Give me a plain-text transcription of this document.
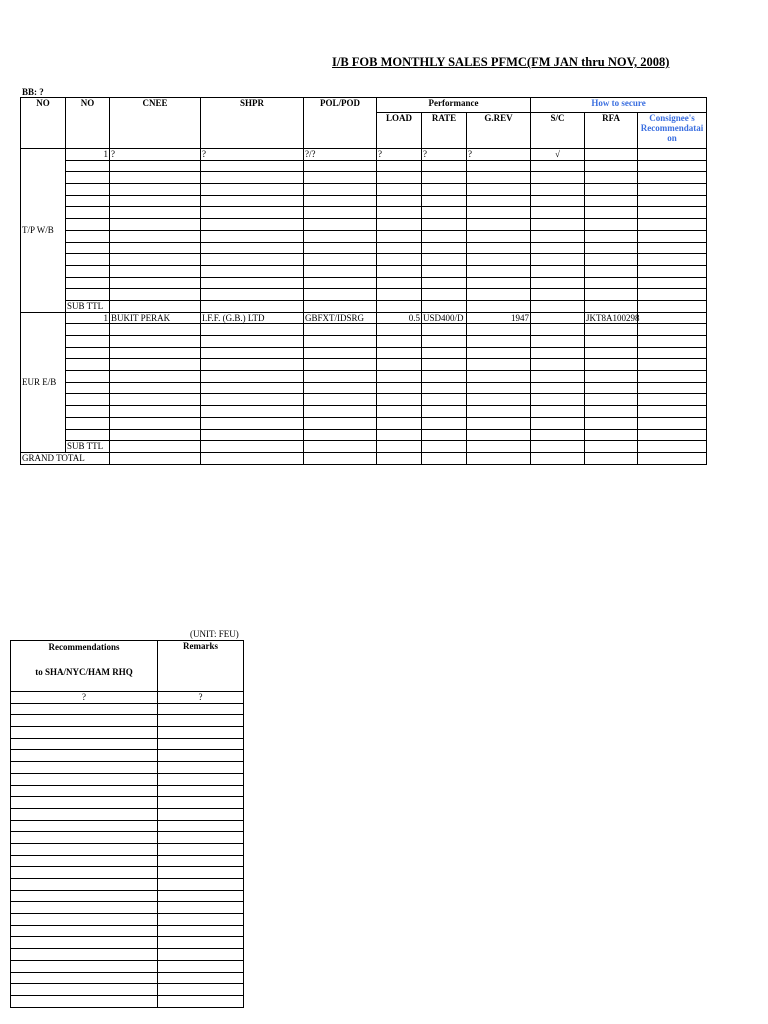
I/B FOB MONTHLY SALES PFMC(FM JAN thru NOV, 2008)
BB: ?
NO	NO	CNEE	SHPR	POL/POD	Performance			How to secure		
					LOAD	RATE	G.REV	S/C	RFA	Consignee's Recommendatai on
T/P W/B	1	?	?	?/?	?	?	?	√		

	SUB TTL									
EUR E/B	1	BUKIT PERAK	I.F.F. (G.B.) LTD	GBFXT/IDSRG	0.5	USD400/D	1947		JKT8A100298	

	SUB TTL									
GRAND TOTAL										
(UNIT: FEU)
Recommendations
to SHA/NYC/HAM RHQ	Remarks
?	?
